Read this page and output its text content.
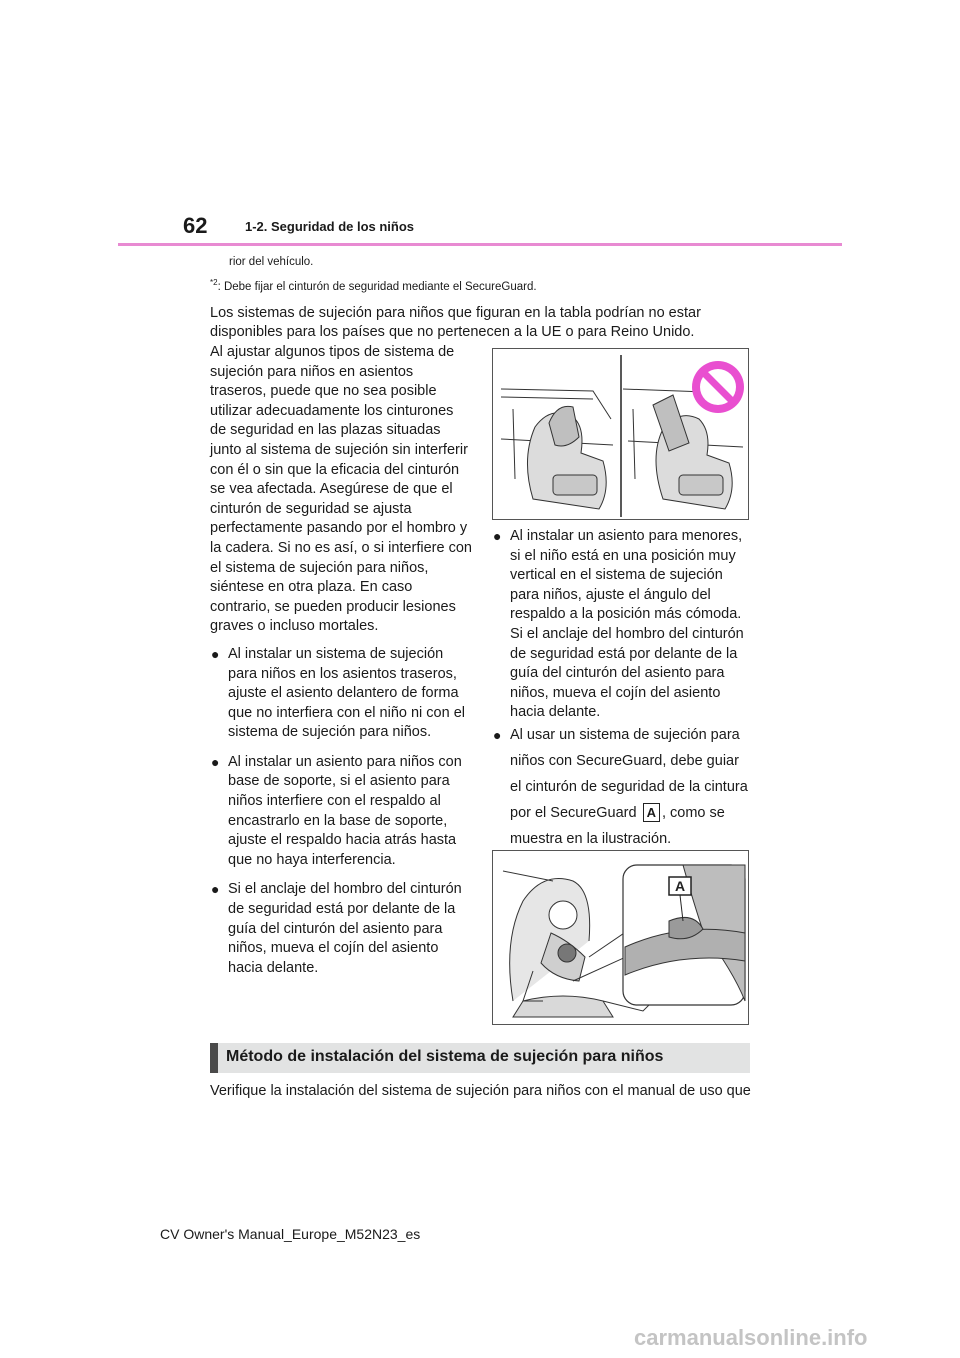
62	1-2. Seguridad de los niños
rior del vehículo.
$^{*2}$: Debe fijar el cinturón de seguridad mediante el SecureGuard.
Los sistemas de sujeción para niños que figuran en la tabla podrían no estar disponibles para los países que no pertenecen a la UE o para Reino Unido.

Al ajustar algunos tipos de sistema de sujeción para niños en asientos traseros, puede que no sea posible utilizar adecuadamente los cinturones de seguridad en las plazas situadas junto al sistema de sujeción sin interferir con él o sin que la eficacia del cinturón se vea afectada. Asegúrese de que el cinturón de seguridad se ajusta perfectamente pasando por el hombro y la cadera. Si no es así, o si interfiere con el sistema de sujeción para niños, siéntese en otra plaza. En caso contrario, se pueden producir lesiones graves o incluso mortales.

● Al instalar un sistema de sujeción para niños en los asientos traseros, ajuste el asiento delantero de forma que no interfiera con el niño ni con el sistema de sujeción para niños.
● Al instalar un asiento para niños con base de soporte, si el asiento para niños interfiere con el respaldo al encastrarlo en la base de soporte, ajuste el respaldo hacia atrás hasta que no haya interferencia.
● Si el anclaje del hombro del cinturón de seguridad está por delante de la guía del cinturón del asiento para niños, mueva el cojín del asiento hacia delante.
● Al instalar un asiento para menores, si el niño está en una posición muy vertical en el sistema de sujeción para niños, ajuste el ángulo del respaldo a la posición más cómoda. Si el anclaje del hombro del cinturón de seguridad está por delante de la guía del cinturón del asiento para niños, mueva el cojín del asiento hacia delante.
● Al usar un sistema de sujeción para niños con SecureGuard, debe guiar el cinturón de seguridad de la cintura por el SecureGuard A , como se muestra en la ilustración.
A
Método de instalación del sistema de sujeción para niños
Verifique la instalación del sistema de sujeción para niños con el manual de uso que
CV Owner's Manual_Europe_M52N23_es
carmanualsonline.info
